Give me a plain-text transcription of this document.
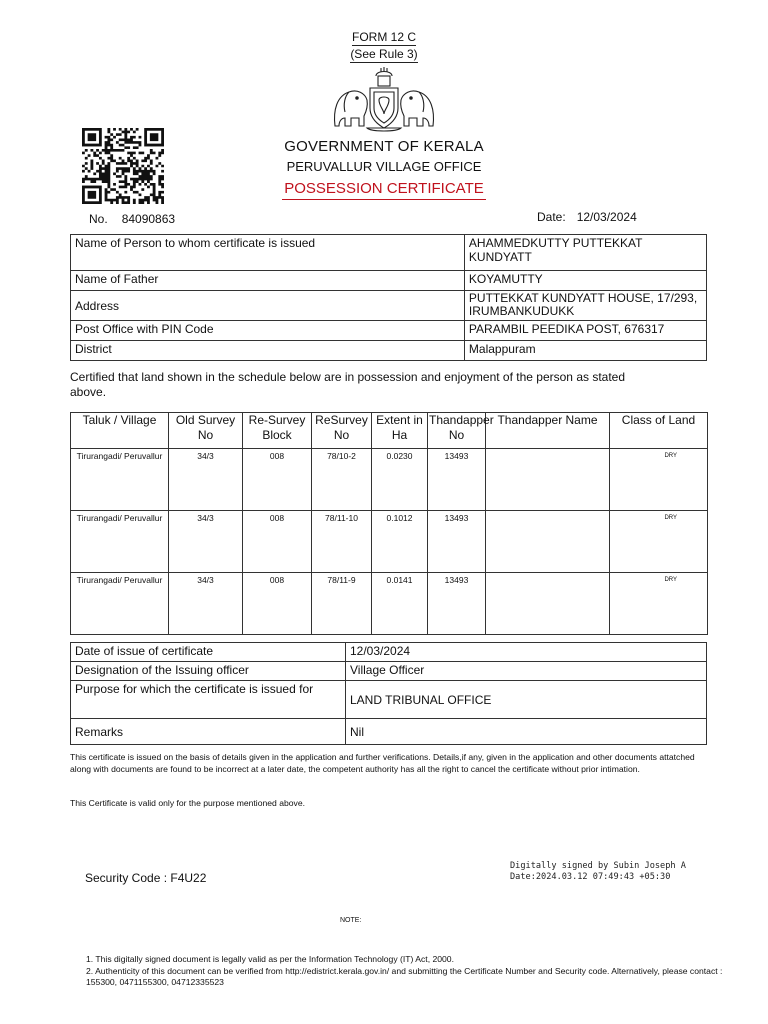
FORM 12 C
(See Rule 3)
GOVERNMENT OF KERALA
PERUVALLUR VILLAGE OFFICE
POSSESSION CERTIFICATE
No. 84090863	Date: 12/03/2024
Name of Person to whom certificate is issued	AHAMMEDKUTTY PUTTEKKAT KUNDYATT
Name of Father	KOYAMUTTY
Address	PUTTEKKAT KUNDYATT HOUSE, 17/293, IRUMBANKUDUKK
Post Office with PIN Code	PARAMBIL PEEDIKA POST, 676317
District	Malappuram
Certified that land shown in the schedule below are in possession and enjoyment of the person as stated above.
Taluk / Village	Old Survey No	Re-Survey Block	ReSurvey No	Extent in Ha	Thandapper No	Thandapper Name	Class of Land
Tirurangadi/ Peruvallur	34/3	008	78/10-2	0.0230	13493		DRY
Tirurangadi/ Peruvallur	34/3	008	78/11-10	0.1012	13493		DRY
Tirurangadi/ Peruvallur	34/3	008	78/11-9	0.0141	13493		DRY
Date of issue of certificate	12/03/2024
Designation of the Issuing officer	Village Officer
Purpose for which the certificate is issued for	LAND TRIBUNAL OFFICE
Remarks	Nil
This certificate is issued on the basis of details given in the application and further verifications. Details,if any, given in the application and other documents attatched along with documents are found to be incorrect at a later date, the competent authority has all the right to cancel the certificate without prior intimation.
This Certificate is valid only for the purpose mentioned above.
Security Code : F4U22
Digitally signed by Subin Joseph A
Date:2024.03.12 07:49:43 +05:30
NOTE:
1. This digitally signed document is legally valid as per the Information Technology (IT) Act, 2000.
2. Authenticity of this document can be verified from http://edistrict.kerala.gov.in/ and submitting the Certificate Number and Security code. Alternatively, please contact : 155300, 0471155300, 04712335523
